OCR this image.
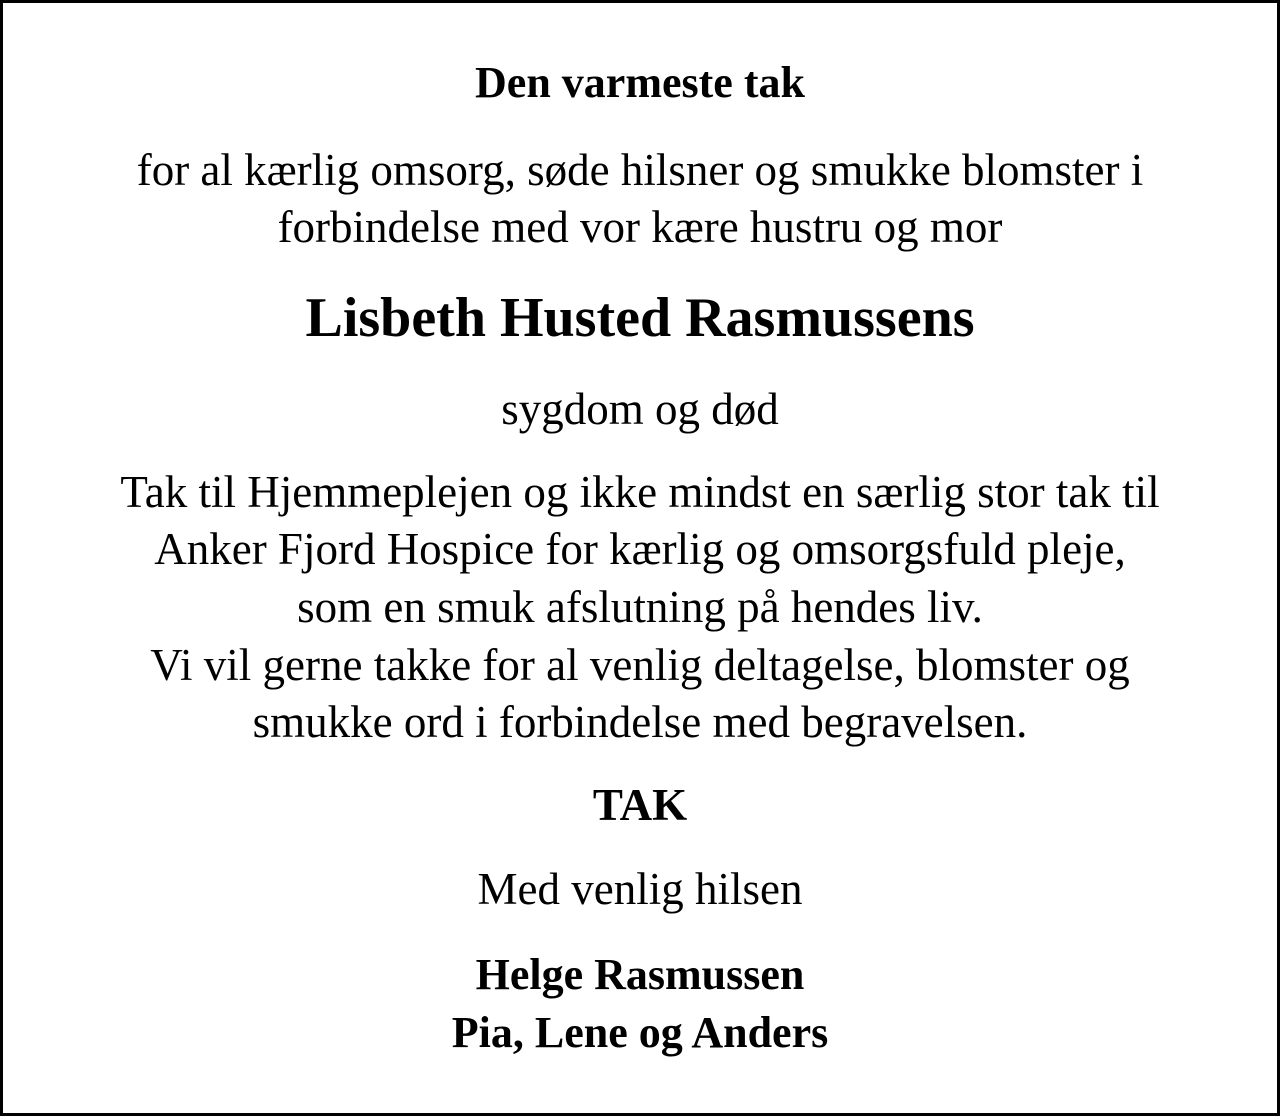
Den varmeste tak

for al kærlig omsorg, søde hilsner og smukke blomster i

forbindelse med vor kære hustru og mor

Lisbeth Husted Rasmussens

sygdom og død

Tak til Hjemmeplejen og ikke mindst en særlig stor tak til

Anker Fjord Hospice for kærlig og omsorgsfuld pleje,

som en smuk afslutning på hendes liv.

Vi vil gerne takke for al venlig deltagelse, blomster og

smukke ord i forbindelse med begravelsen.

TAK

Med venlig hilsen

Helge Rasmussen

Pia, Lene og Anders
